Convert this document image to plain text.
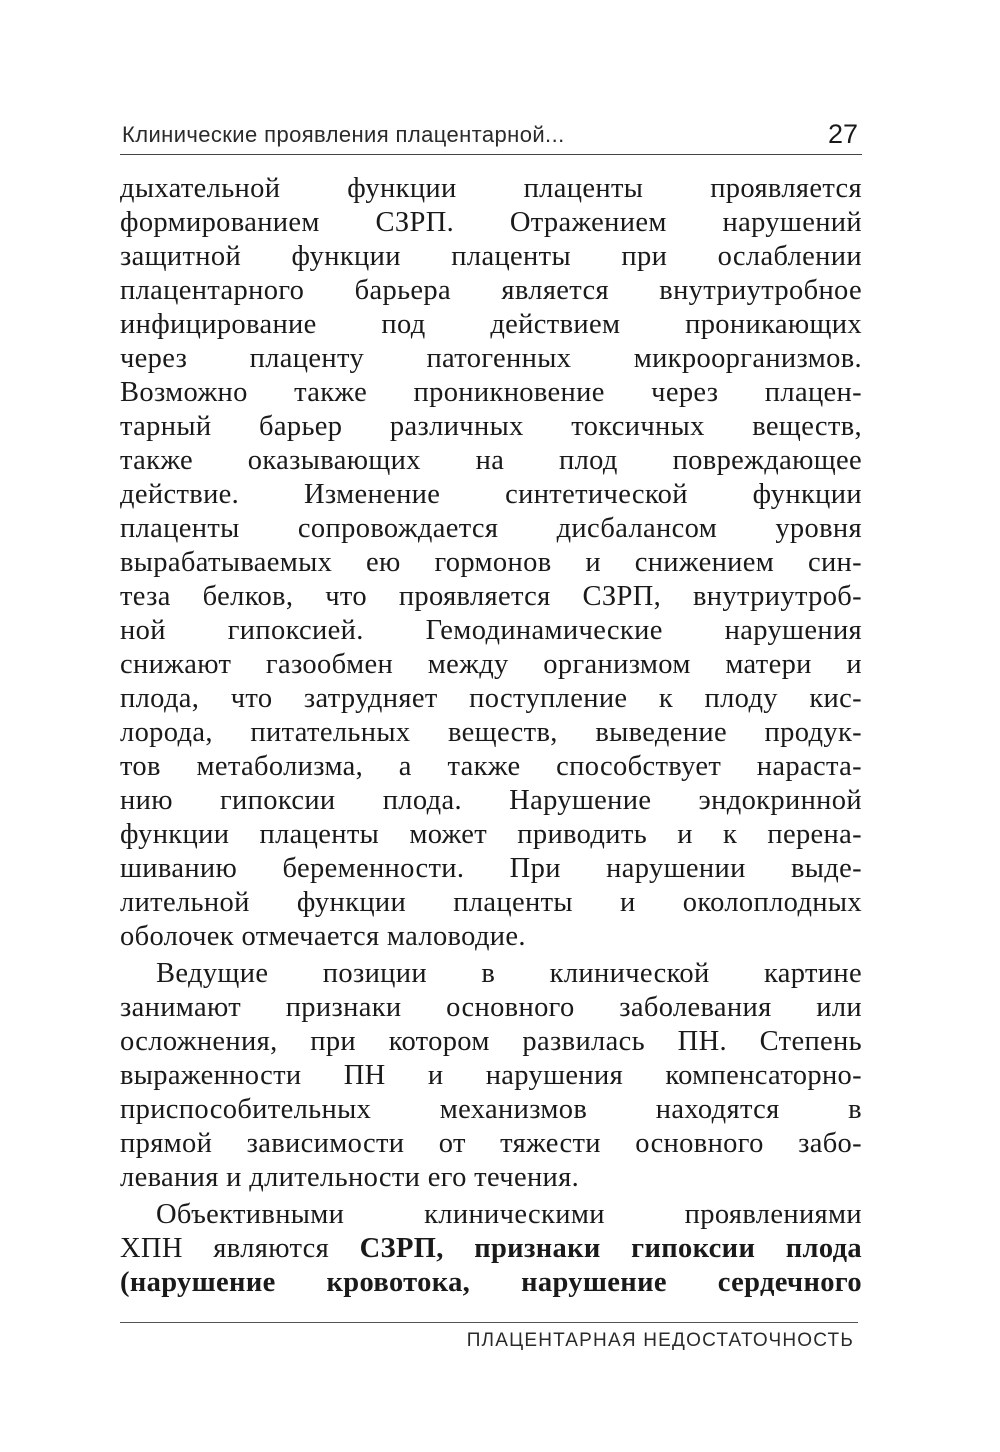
Клинические проявления плацентарной...	27
дыхательной функции плаценты проявляется
формированием СЗРП. Отражением нарушений
защитной функции плаценты при ослаблении
плацентарного барьера является внутриутробное
инфицирование под действием проникающих
через плаценту патогенных микроорганизмов.
Возможно также проникновение через плацен-
тарный барьер различных токсичных веществ,
также оказывающих на плод повреждающее
действие. Изменение синтетической функции
плаценты сопровождается дисбалансом уровня
вырабатываемых ею гормонов и снижением син-
теза белков, что проявляется СЗРП, внутриутроб-
ной гипоксией. Гемодинамические нарушения
снижают газообмен между организмом матери и
плода, что затрудняет поступление к плоду кис-
лорода, питательных веществ, выведение продук-
тов метаболизма, а также способствует нараста-
нию гипоксии плода. Нарушение эндокринной
функции плаценты может приводить и к перена-
шиванию беременности. При нарушении выде-
лительной функции плаценты и околоплодных
оболочек отмечается маловодие.
Ведущие позиции в клинической картине
занимают признаки основного заболевания или
осложнения, при котором развилась ПН. Степень
выраженности ПН и нарушения компенсаторно-
приспособительных механизмов находятся в
прямой зависимости от тяжести основного забо-
левания и длительности его течения.
Объективными клиническими проявлениями
ХПН являются СЗРП, признаки гипоксии плода
(нарушение кровотока, нарушение сердечного
ПЛАЦЕНТАРНАЯ НЕДОСТАТОЧНОСТЬ
